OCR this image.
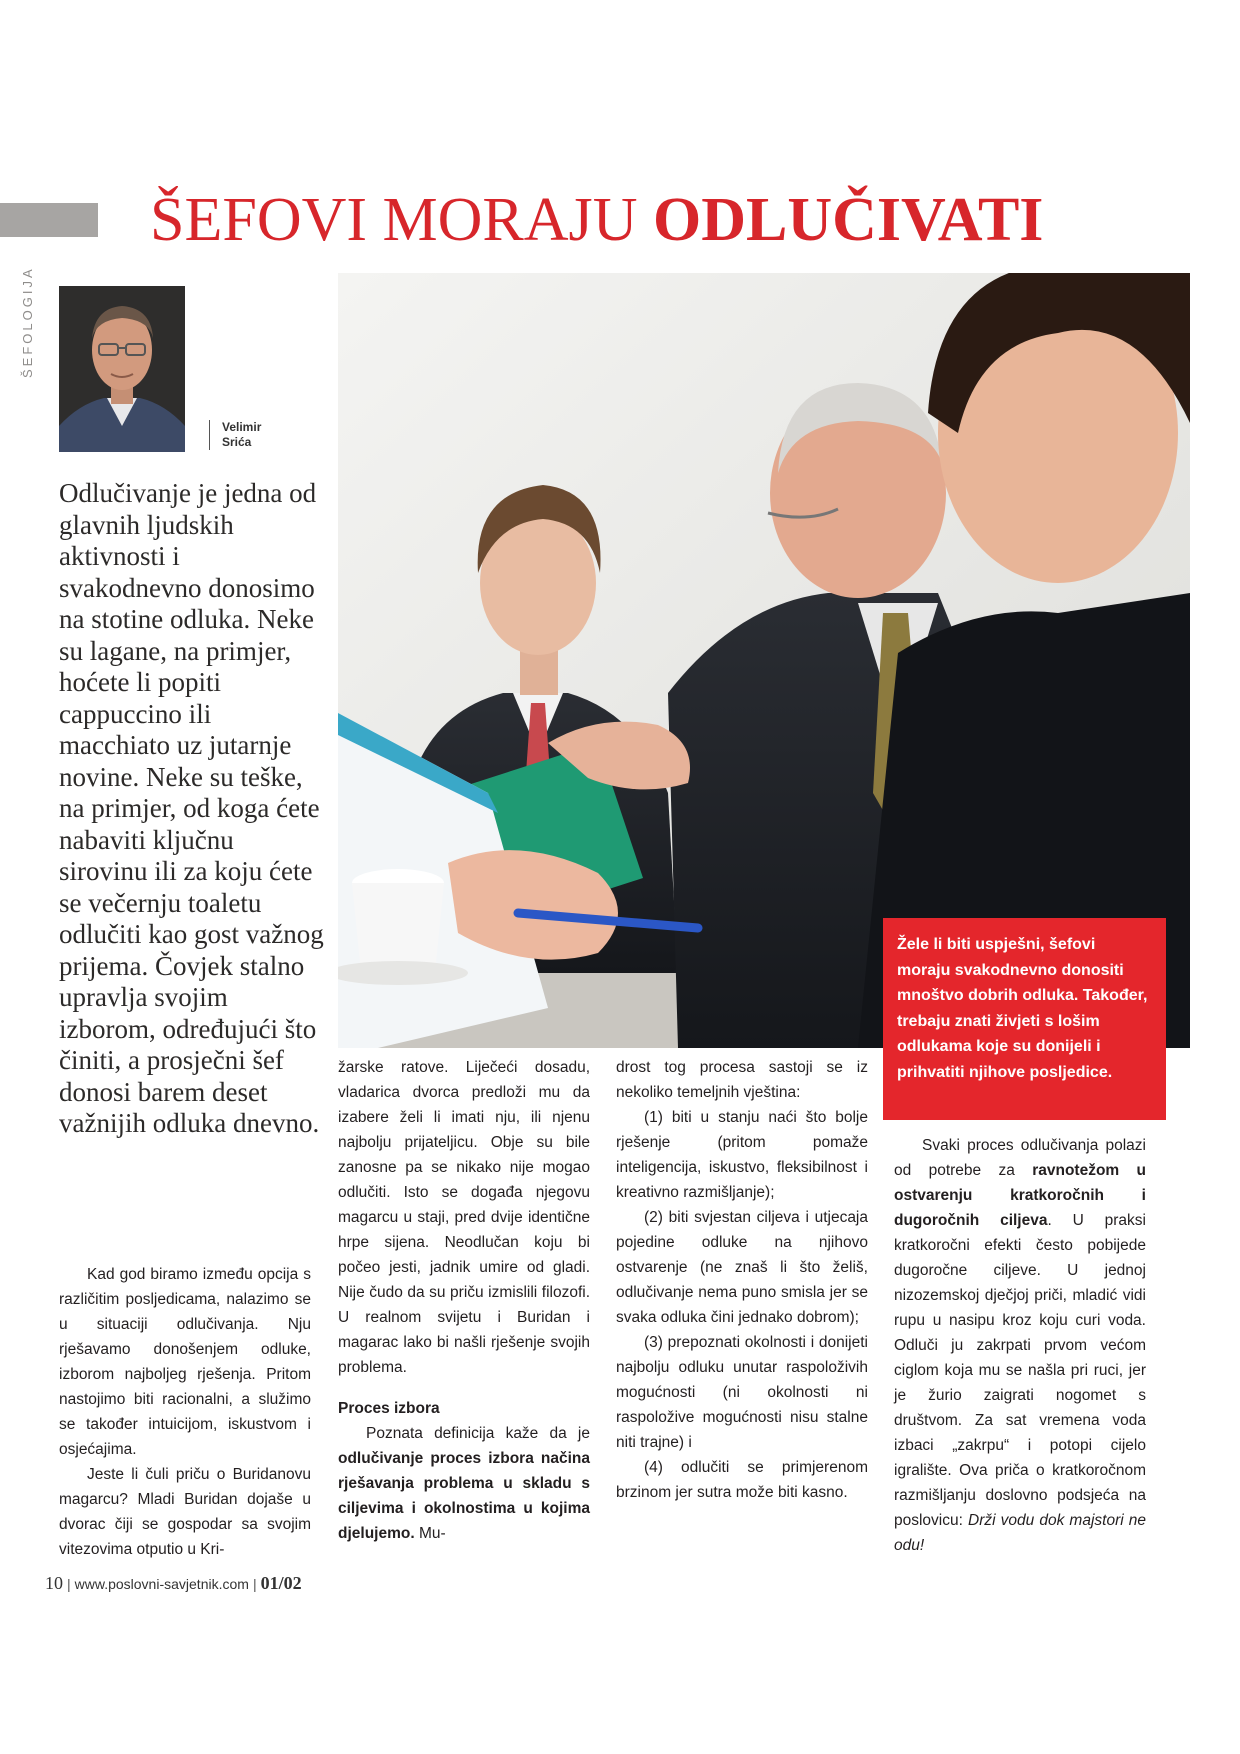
ŠEFOLOGIJA
ŠEFOVI MORAJU ODLUČIVATI
Velimir
Srića

Odlučivanje je jedna od glavnih ljudskih aktivnosti i svakodnevno donosimo na stotine odluka. Neke su lagane, na primjer, hoćete li popiti cappuccino ili macchiato uz jutarnje novine. Neke su teške, na primjer, od koga ćete nabaviti ključnu sirovinu ili za koju ćete se večernju toaletu odlučiti kao gost važnog prijema. Čovjek stalno upravlja svojim izborom, određujući što činiti, a prosječni šef donosi barem deset važnijih odluka dnevno.

Žele li biti uspješni, šefovi moraju svakodnevno donositi mnoštvo dobrih odluka. Također, trebaju znati živjeti s lošim odlukama koje su donijeli i prihvatiti njihove posljedice.

Kad god biramo između opcija s različitim posljedicama, nalazimo se u situaciji odlučivanja. Nju rješavamo donošenjem odluke, izborom najboljeg rješenja. Pritom nastojimo biti racionalni, a služimo se također intuicijom, iskustvom i osjećajima.

Jeste li čuli priču o Buridanovu magarcu? Mladi Buridan dojaše u dvorac čiji se gospodar sa svojim vitezovima otputio u Kri-

žarske ratove. Liječeći dosadu, vladarica dvorca predloži mu da izabere želi li imati nju, ili njenu najbolju prijateljicu. Obje su bile zanosne pa se nikako nije mogao odlučiti. Isto se događa njegovu magarcu u staji, pred dvije identične hrpe sijena. Neodlučan koju bi počeo jesti, jadnik umire od gladi. Nije čudo da su priču izmislili filozofi. U realnom svijetu i Buridan i magarac lako bi našli rješenje svojih problema.

Proces izbora

Poznata definicija kaže da je odlučivanje proces izbora načina rješavanja problema u skladu s ciljevima i okolnostima u kojima djelujemo. Mu-

drost tog procesa sastoji se iz nekoliko temeljnih vještina:

(1) biti u stanju naći što bolje rješenje (pritom pomaže inteligencija, iskustvo, fleksibilnost i kreativno razmišljanje);

(2) biti svjestan ciljeva i utjecaja pojedine odluke na njihovo ostvarenje (ne znaš li što želiš, odlučivanje nema puno smisla jer se svaka odluka čini jednako dobrom);

(3) prepoznati okolnosti i donijeti najbolju odluku unutar raspoloživih mogućnosti (ni okolnosti ni raspoložive mogućnosti nisu stalne niti trajne) i

(4) odlučiti se primjerenom brzinom jer sutra može biti kasno.

Svaki proces odlučivanja polazi od potrebe za ravnotežom u ostvarenju kratkoročnih i dugoročnih ciljeva. U praksi kratkoročni efekti često pobijede dugoročne ciljeve. U jednoj nizozemskoj dječjoj priči, mladić vidi rupu u nasipu kroz koju curi voda. Odluči ju zakrpati prvom većom ciglom koja mu se našla pri ruci, jer je žurio zaigrati nogomet s društvom. Za sat vremena voda izbaci „zakrpu“ i potopi cijelo igralište. Ova priča o kratkoročnom razmišljanju doslovno podsjeća na poslovicu: Drži vodu dok majstori ne odu!

10 | www.poslovni-savjetnik.com | 01/02
